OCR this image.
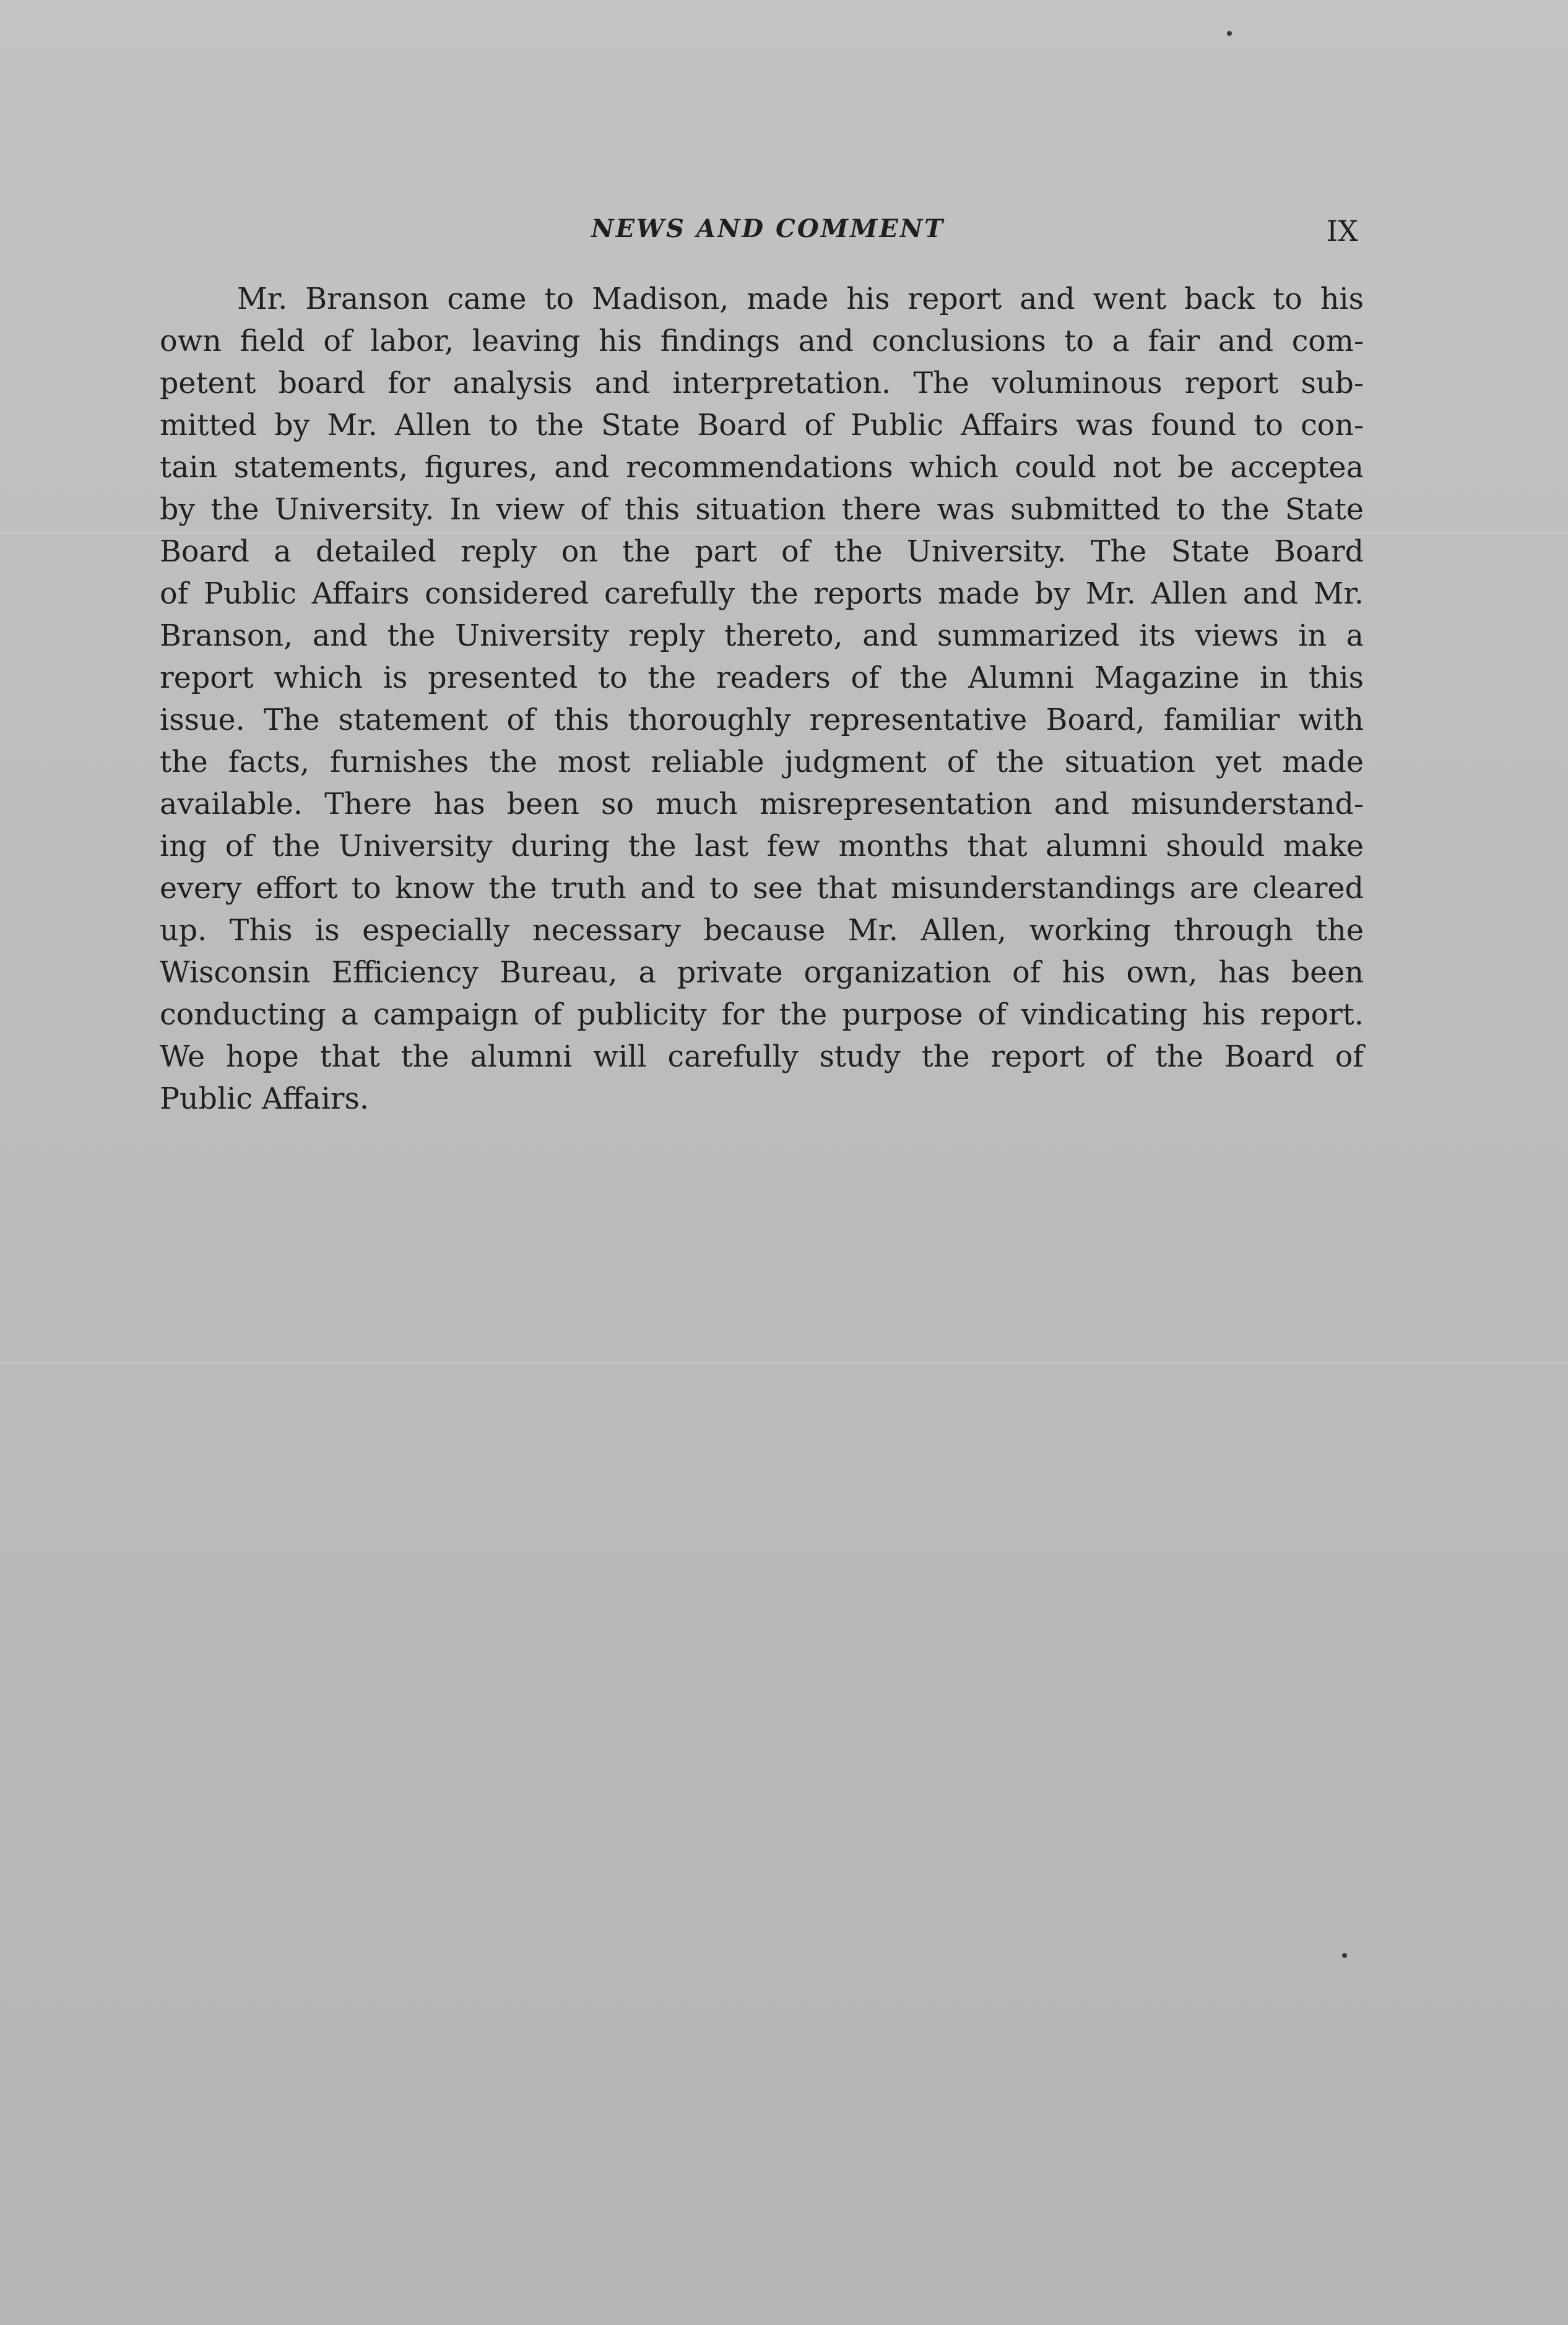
NEWS AND COMMENT	IX
Mr. Branson came to Madison, made his report and went back to his
own field of labor, leaving his findings and conclusions to a fair and com-
petent board for analysis and interpretation. The voluminous report sub-
mitted by Mr. Allen to the State Board of Public Affairs was found to con-
tain statements, figures, and recommendations which could not be acceptea
by the University. In view of this situation there was submitted to the State
Board a detailed reply on the part of the University. The State Board
of Public Affairs considered carefully the reports made by Mr. Allen and Mr.
Branson, and the University reply thereto, and summarized its views in a
report which is presented to the readers of the Alumni Magazine in this
issue. The statement of this thoroughly representative Board, familiar with
the facts, furnishes the most reliable judgment of the situation yet made
available. There has been so much misrepresentation and misunderstand-
ing of the University during the last few months that alumni should make
every effort to know the truth and to see that misunderstandings are cleared
up. This is especially necessary because Mr. Allen, working through the
Wisconsin Efficiency Bureau, a private organization of his own, has been
conducting a campaign of publicity for the purpose of vindicating his report.
We hope that the alumni will carefully study the report of the Board of
Public Affairs.
